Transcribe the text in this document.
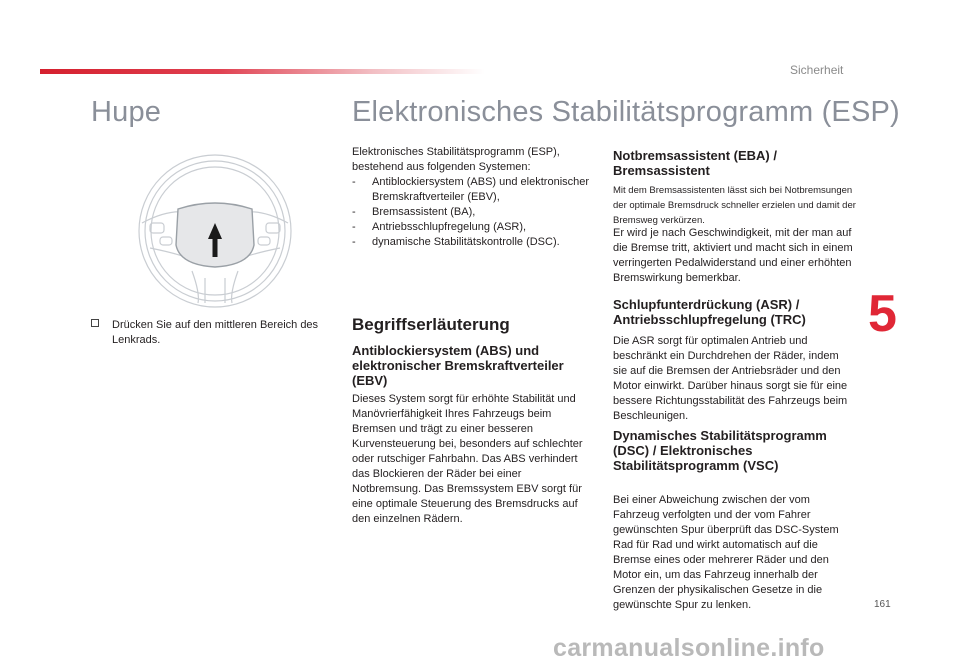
Sicherheit
Hupe	Elektronisches Stabilitätsprogramm (ESP)
Drücken Sie auf den mittleren Bereich des Lenkrads.
Elektronisches Stabilitätsprogramm (ESP), bestehend aus folgenden Systemen:
- Antiblockiersystem (ABS) und elektronischer Bremskraftverteiler (EBV),
- Bremsassistent (BA),
- Antriebsschlupfregelung (ASR),
- dynamische Stabilitätskontrolle (DSC).
Begriffserläuterung
Antiblockiersystem (ABS) und elektronischer Bremskraftverteiler (EBV)
Dieses System sorgt für erhöhte Stabilität und Manövrierfähigkeit Ihres Fahrzeugs beim Bremsen und trägt zu einer besseren Kurvensteuerung bei, besonders auf schlechter oder rutschiger Fahrbahn. Das ABS verhindert das Blockieren der Räder bei einer Notbremsung. Das Bremssystem EBV sorgt für eine optimale Steuerung des Bremsdrucks auf den einzelnen Rädern.
Notbremsassistent (EBA) / Bremsassistent
Mit dem Bremsassistenten lässt sich bei Notbremsungen der optimale Bremsdruck schneller erzielen und damit der Bremsweg verkürzen.
Er wird je nach Geschwindigkeit, mit der man auf die Bremse tritt, aktiviert und macht sich in einem verringerten Pedalwiderstand und einer erhöhten Bremswirkung bemerkbar.
Schlupfunterdrückung (ASR) / Antriebsschlupfregelung (TRC)
Die ASR sorgt für optimalen Antrieb und beschränkt ein Durchdrehen der Räder, indem sie auf die Bremsen der Antriebsräder und den Motor einwirkt. Darüber hinaus sorgt sie für eine bessere Richtungsstabilität des Fahrzeugs beim Beschleunigen.
Dynamisches Stabilitätsprogramm (DSC) / Elektronisches Stabilitätsprogramm (VSC)
Bei einer Abweichung zwischen der vom Fahrzeug verfolgten und der vom Fahrer gewünschten Spur überprüft das DSC-System Rad für Rad und wirkt automatisch auf die Bremse eines oder mehrerer Räder und den Motor ein, um das Fahrzeug innerhalb der Grenzen der physikalischen Gesetze in die gewünschte Spur zu lenken.
5
161
carmanualsonline.info
